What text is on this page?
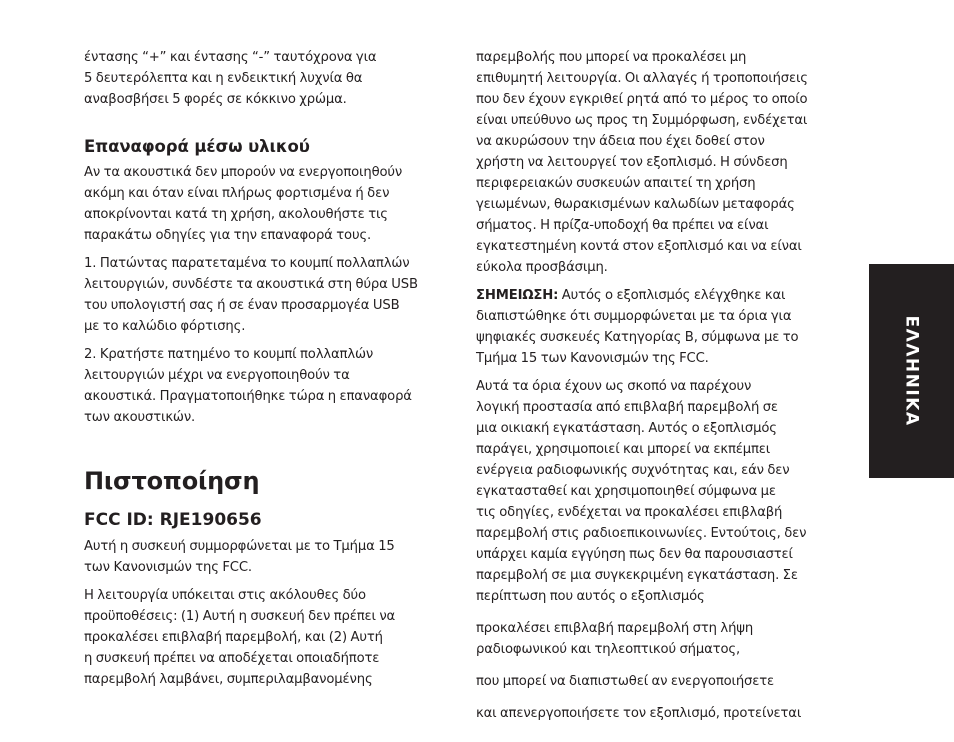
έντασης “+” και έντασης “-” ταυτόχρονα για
5 δευτερόλεπτα και η ενδεικτική λυχνία θα
αναβοσβήσει 5 φορές σε κόκκινο χρώμα.

Επαναφορά μέσω υλικού

Αν τα ακουστικά δεν μπορούν να ενεργοποιηθούν
ακόμη και όταν είναι πλήρως φορτισμένα ή δεν
αποκρίνονται κατά τη χρήση, ακολουθήστε τις
παρακάτω οδηγίες για την επαναφορά τους.

1. Πατώντας παρατεταμένα το κουμπί πολλαπλών
λειτουργιών, συνδέστε τα ακουστικά στη θύρα USB
του υπολογιστή σας ή σε έναν προσαρμογέα USB
με το καλώδιο φόρτισης.

2. Κρατήστε πατημένο το κουμπί πολλαπλών
λειτουργιών μέχρι να ενεργοποιηθούν τα
ακουστικά. Πραγματοποιήθηκε τώρα η επαναφορά
των ακουστικών.

Πιστοποίηση
FCC ID: RJE190656

Αυτή η συσκευή συμμορφώνεται με το Τμήμα 15
των Κανονισμών της FCC.

Η λειτουργία υπόκειται στις ακόλουθες δύο
προϋποθέσεις: (1) Αυτή η συσκευή δεν πρέπει να
προκαλέσει επιβλαβή παρεμβολή, και (2) Αυτή
η συσκευή πρέπει να αποδέχεται οποιαδήποτε
παρεμβολή λαμβάνει, συμπεριλαμβανομένης

παρεμβολής που μπορεί να προκαλέσει μη
επιθυμητή λειτουργία. Οι αλλαγές ή τροποποιήσεις
που δεν έχουν εγκριθεί ρητά από το μέρος το οποίο
είναι υπεύθυνο ως προς τη Συμμόρφωση, ενδέχεται
να ακυρώσουν την άδεια που έχει δοθεί στον
χρήστη να λειτουργεί τον εξοπλισμό. Η σύνδεση
περιφερειακών συσκευών απαιτεί τη χρήση
γειωμένων, θωρακισμένων καλωδίων μεταφοράς
σήματος. Η πρίζα-υποδοχή θα πρέπει να είναι
εγκατεστημένη κοντά στον εξοπλισμό και να είναι
εύκολα προσβάσιμη.

ΣΗΜΕΙΩΣΗ: Αυτός ο εξοπλισμός ελέγχθηκε και
διαπιστώθηκε ότι συμμορφώνεται με τα όρια για
ψηφιακές συσκευές Κατηγορίας B, σύμφωνα με το
Τμήμα 15 των Κανονισμών της FCC.

Αυτά τα όρια έχουν ως σκοπό να παρέχουν
λογική προστασία από επιβλαβή παρεμβολή σε
μια οικιακή εγκατάσταση. Αυτός ο εξοπλισμός
παράγει, χρησιμοποιεί και μπορεί να εκπέμπει
ενέργεια ραδιοφωνικής συχνότητας και, εάν δεν
εγκατασταθεί και χρησιμοποιηθεί σύμφωνα με
τις οδηγίες, ενδέχεται να προκαλέσει επιβλαβή
παρεμβολή στις ραδιοεπικοινωνίες. Εντούτοις, δεν
υπάρχει καμία εγγύηση πως δεν θα παρουσιαστεί
παρεμβολή σε μια συγκεκριμένη εγκατάσταση. Σε
περίπτωση που αυτός ο εξοπλισμός

προκαλέσει επιβλαβή παρεμβολή στη λήψη
ραδιοφωνικού και τηλεοπτικού σήματος,

που μπορεί να διαπιστωθεί αν ενεργοποιήσετε

και απενεργοποιήσετε τον εξοπλισμό, προτείνεται

ΕΛΛΗΝΙΚΑ
